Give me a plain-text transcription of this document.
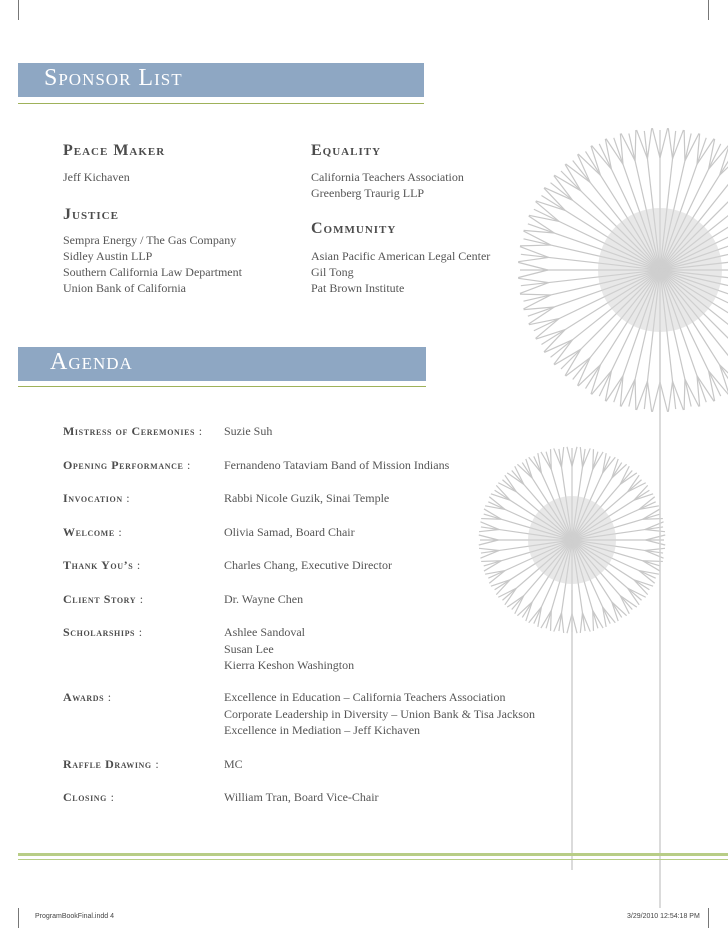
Sponsor List
Peace Maker
Jeff Kichaven
Justice
Sempra Energy / The Gas Company
Sidley Austin LLP
Southern California Law Department
Union Bank of California
Equality
California Teachers Association
Greenberg Traurig LLP
Community
Asian Pacific American Legal Center
Gil Tong
Pat Brown Institute
Agenda
Mistress of Ceremonies : Suzie Suh
Opening Performance :	Fernandeno Tataviam Band of Mission Indians
Invocation :	Rabbi Nicole Guzik, Sinai Temple
Welcome :	Olivia Samad, Board Chair
Thank You’s :	Charles Chang, Executive Director
Client Story :	Dr. Wayne Chen
Scholarships :	Ashlee Sandoval
Susan Lee
Kierra Keshon Washington
Awards :	Excellence in Education – California Teachers Association
Corporate Leadership in Diversity – Union Bank & Tisa Jackson
Excellence in Mediation – Jeff Kichaven
Raffle Drawing :	MC
Closing :	William Tran, Board Vice-Chair
ProgramBookFinal.indd 4	3/29/2010 12:54:18 PM
